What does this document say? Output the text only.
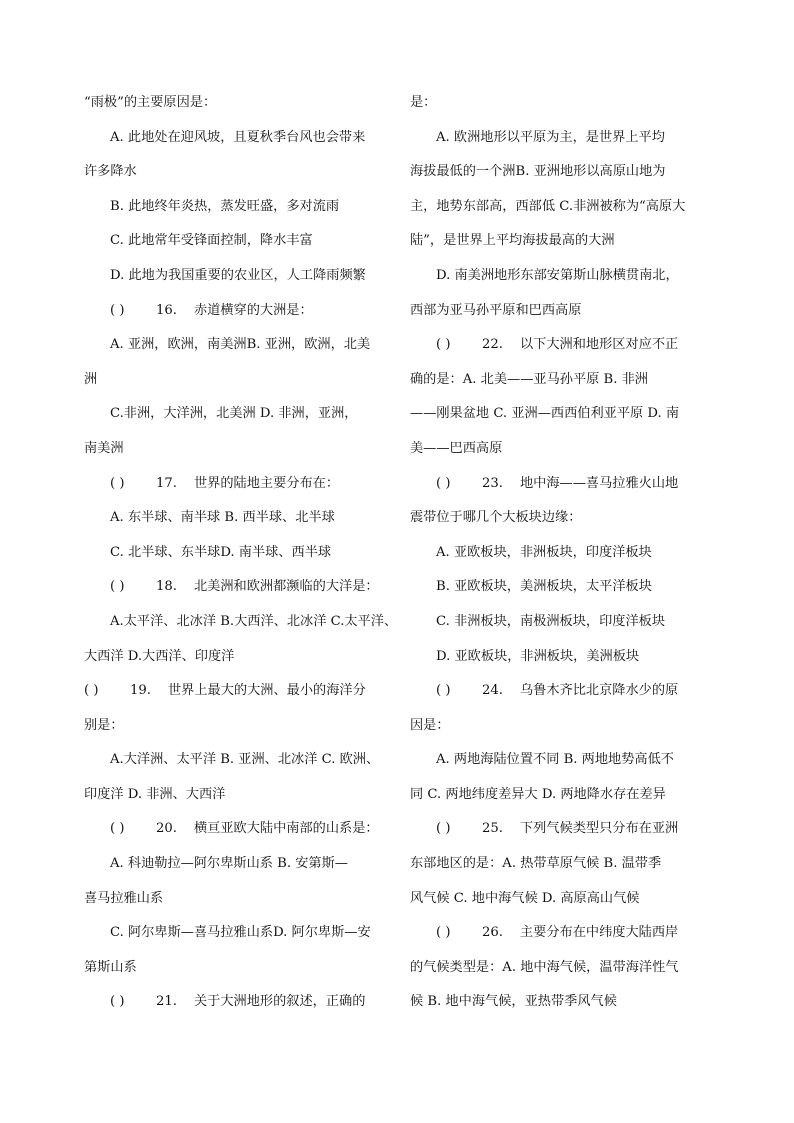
“雨极”的主要原因是：
A. 此地处在迎风坡，且夏秋季台风也会带来
许多降水
B. 此地终年炎热，蒸发旺盛，多对流雨
C. 此地常年受锋面控制，降水丰富
D. 此地为我国重要的农业区，人工降雨频繁
( ) 16. 赤道横穿的大洲是：
A. 亚洲，欧洲，南美洲B. 亚洲，欧洲，北美
洲
C.非洲，大洋洲，北美洲 D. 非洲，亚洲，
南美洲
( ) 17. 世界的陆地主要分布在：
A. 东半球、南半球 B. 西半球、北半球
C. 北半球、东半球D. 南半球、西半球
( ) 18. 北美洲和欧洲都濒临的大洋是：
A.太平洋、北冰洋 B.大西洋、北冰洋 C.太平洋、
大西洋 D.大西洋、印度洋
( ) 19. 世界上最大的大洲、最小的海洋分
别是：
A.大洋洲、太平洋 B. 亚洲、北冰洋 C. 欧洲、
印度洋 D. 非洲、大西洋
( ) 20. 横亘亚欧大陆中南部的山系是：
A. 科迪勒拉—阿尔卑斯山系 B. 安第斯—
喜马拉雅山系
C. 阿尔卑斯—喜马拉雅山系D. 阿尔卑斯—安
第斯山系
( ) 21. 关于大洲地形的叙述，正确的
是：
A. 欧洲地形以平原为主，是世界上平均
海拔最低的一个洲B. 亚洲地形以高原山地为
主，地势东部高，西部低 C.非洲被称为“高原大
陆”，是世界上平均海拔最高的大洲
D. 南美洲地形东部安第斯山脉横贯南北，
西部为亚马孙平原和巴西高原
( ) 22. 以下大洲和地形区对应不正
确的是：A. 北美——亚马孙平原 B. 非洲
——刚果盆地 C. 亚洲—西西伯利亚平原 D. 南
美——巴西高原
( ) 23. 地中海——喜马拉雅火山地
震带位于哪几个大板块边缘：
A. 亚欧板块，非洲板块，印度洋板块
B. 亚欧板块，美洲板块，太平洋板块
C. 非洲板块，南极洲板块，印度洋板块
D. 亚欧板块，非洲板块，美洲板块
( ) 24. 乌鲁木齐比北京降水少的原
因是：
A. 两地海陆位置不同 B. 两地地势高低不
同 C. 两地纬度差异大 D. 两地降水存在差异
( ) 25. 下列气候类型只分布在亚洲
东部地区的是：A. 热带草原气候 B. 温带季
风气候 C. 地中海气候 D. 高原高山气候
( ) 26. 主要分布在中纬度大陆西岸
的气候类型是：A. 地中海气候，温带海洋性气
候 B. 地中海气候，亚热带季风气候
